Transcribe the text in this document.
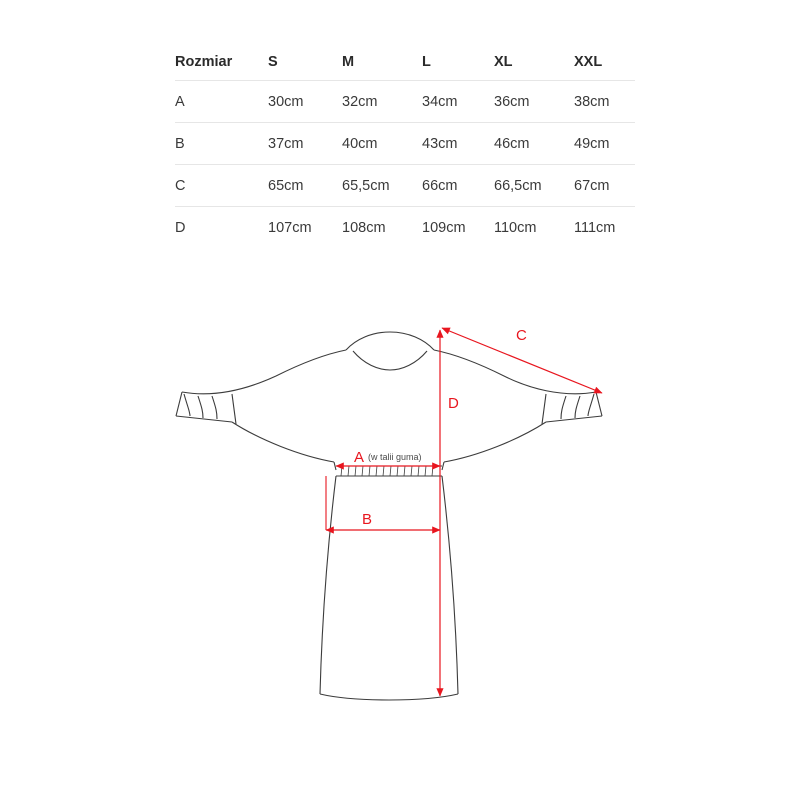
Rozmiar	S	M	L	XL	XXL
A	30cm	32cm	34cm	36cm	38cm
B	37cm	40cm	43cm	46cm	49cm
C	65cm	65,5cm	66cm	66,5cm	67cm
D	107cm	108cm	109cm	110cm	111cm
C
D
A (w talii guma)
B
